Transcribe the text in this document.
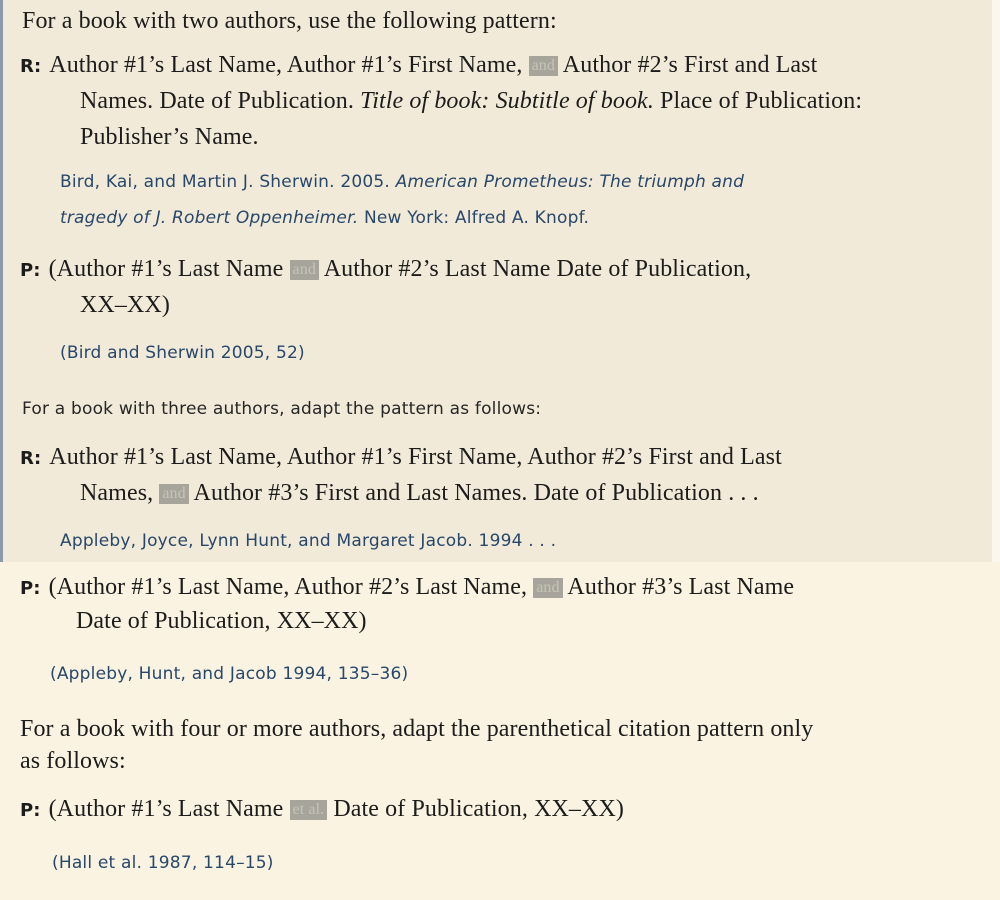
For a book with two authors, use the following pattern:
R: Author #1’s Last Name, Author #1’s First Name, and Author #2’s First and Last
Names. Date of Publication. Title of book: Subtitle of book. Place of Publication:
Publisher’s Name.
Bird, Kai, and Martin J. Sherwin. 2005. American Prometheus: The triumph and
tragedy of J. Robert Oppenheimer. New York: Alfred A. Knopf.
P: (Author #1’s Last Name and Author #2’s Last Name Date of Publication,
XX–XX)
(Bird and Sherwin 2005, 52)
For a book with three authors, adapt the pattern as follows:
R: Author #1’s Last Name, Author #1’s First Name, Author #2’s First and Last
Names, and Author #3’s First and Last Names. Date of Publication . . .
Appleby, Joyce, Lynn Hunt, and Margaret Jacob. 1994 . . .
P: (Author #1’s Last Name, Author #2’s Last Name, and Author #3’s Last Name
Date of Publication, XX–XX)
(Appleby, Hunt, and Jacob 1994, 135–36)
For a book with four or more authors, adapt the parenthetical citation pattern only
as follows:
P: (Author #1’s Last Name et al. Date of Publication, XX–XX)
(Hall et al. 1987, 114–15)
